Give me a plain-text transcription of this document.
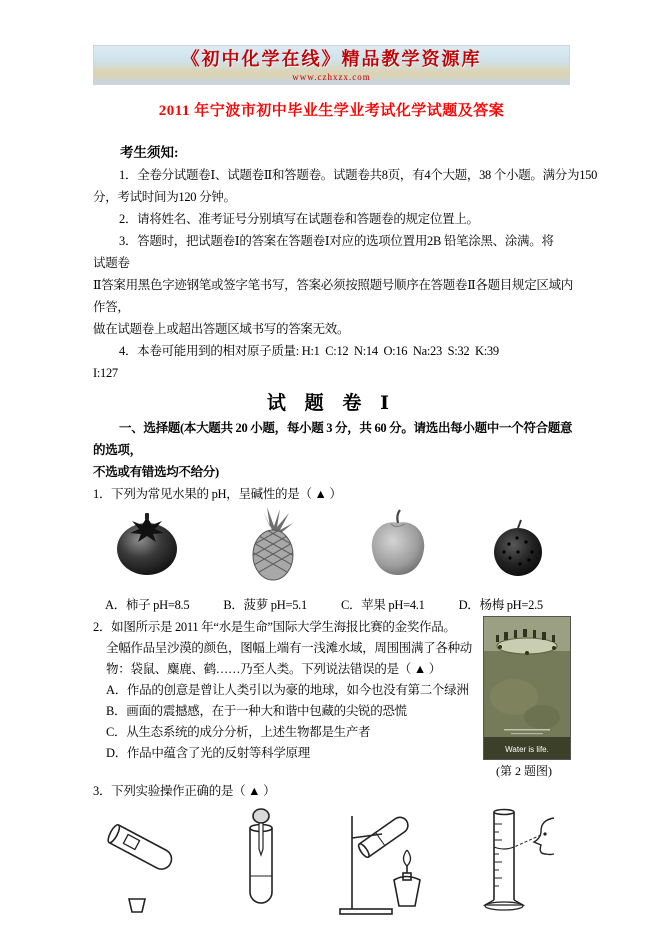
《初中化学在线》精品教学资源库
www.czhxzx.com
2011 年宁波市初中毕业生学业考试化学试题及答案
考生须知:
1．全卷分试题卷Ⅰ、试题卷Ⅱ和答题卷。试题卷共8页，有4个大题，38 个小题。满分为150
分，考试时间为120 分钟。
2．请将姓名、准考证号分别填写在试题卷和答题卷的规定位置上。
3．答题时，把试题卷Ⅰ的答案在答题卷Ⅰ对应的选项位置用2B 铅笔涂黑、涂满。将
试题卷
Ⅱ答案用黑色字迹钢笔或签字笔书写，答案必须按照题号顺序在答题卷Ⅱ各题目规定区域内
作答，
做在试题卷上或超出答题区域书写的答案无效。
4．本卷可能用到的相对原子质量: H:1  C:12  N:14  O:16  Na:23  S:32  K:39
I:127
试 题 卷 Ⅰ
一、选择题(本大题共 20 小题，每小题 3 分，共 60 分。请选出每小题中一个符合题意
的选项，
不选或有错选均不给分)
1．下列为常见水果的 pH，呈碱性的是（ ▲ ）
A．柿子 pH=8.5	B．菠萝 pH=5.1	C．苹果 pH=4.1	D．杨梅 pH=2.5
2．如图所示是 2011 年“水是生命”国际大学生海报比赛的金奖作品。
全幅作品呈沙漠的颜色，图幅上端有一浅滩水域，周围围满了各种动
物：袋鼠、麋鹿、鹤……乃至人类。下列说法错误的是（ ▲ ）
A．作品的创意是曾让人类引以为豪的地球，如今也没有第二个绿洲
B．画面的震撼感，在于一种大和谐中包藏的尖锐的恐慌
C．从生态系统的成分分析，上述生物都是生产者
D．作品中蕴含了光的反射等科学原理	Water is life.
(第 2 题图)
3．下列实验操作正确的是（ ▲ ）
